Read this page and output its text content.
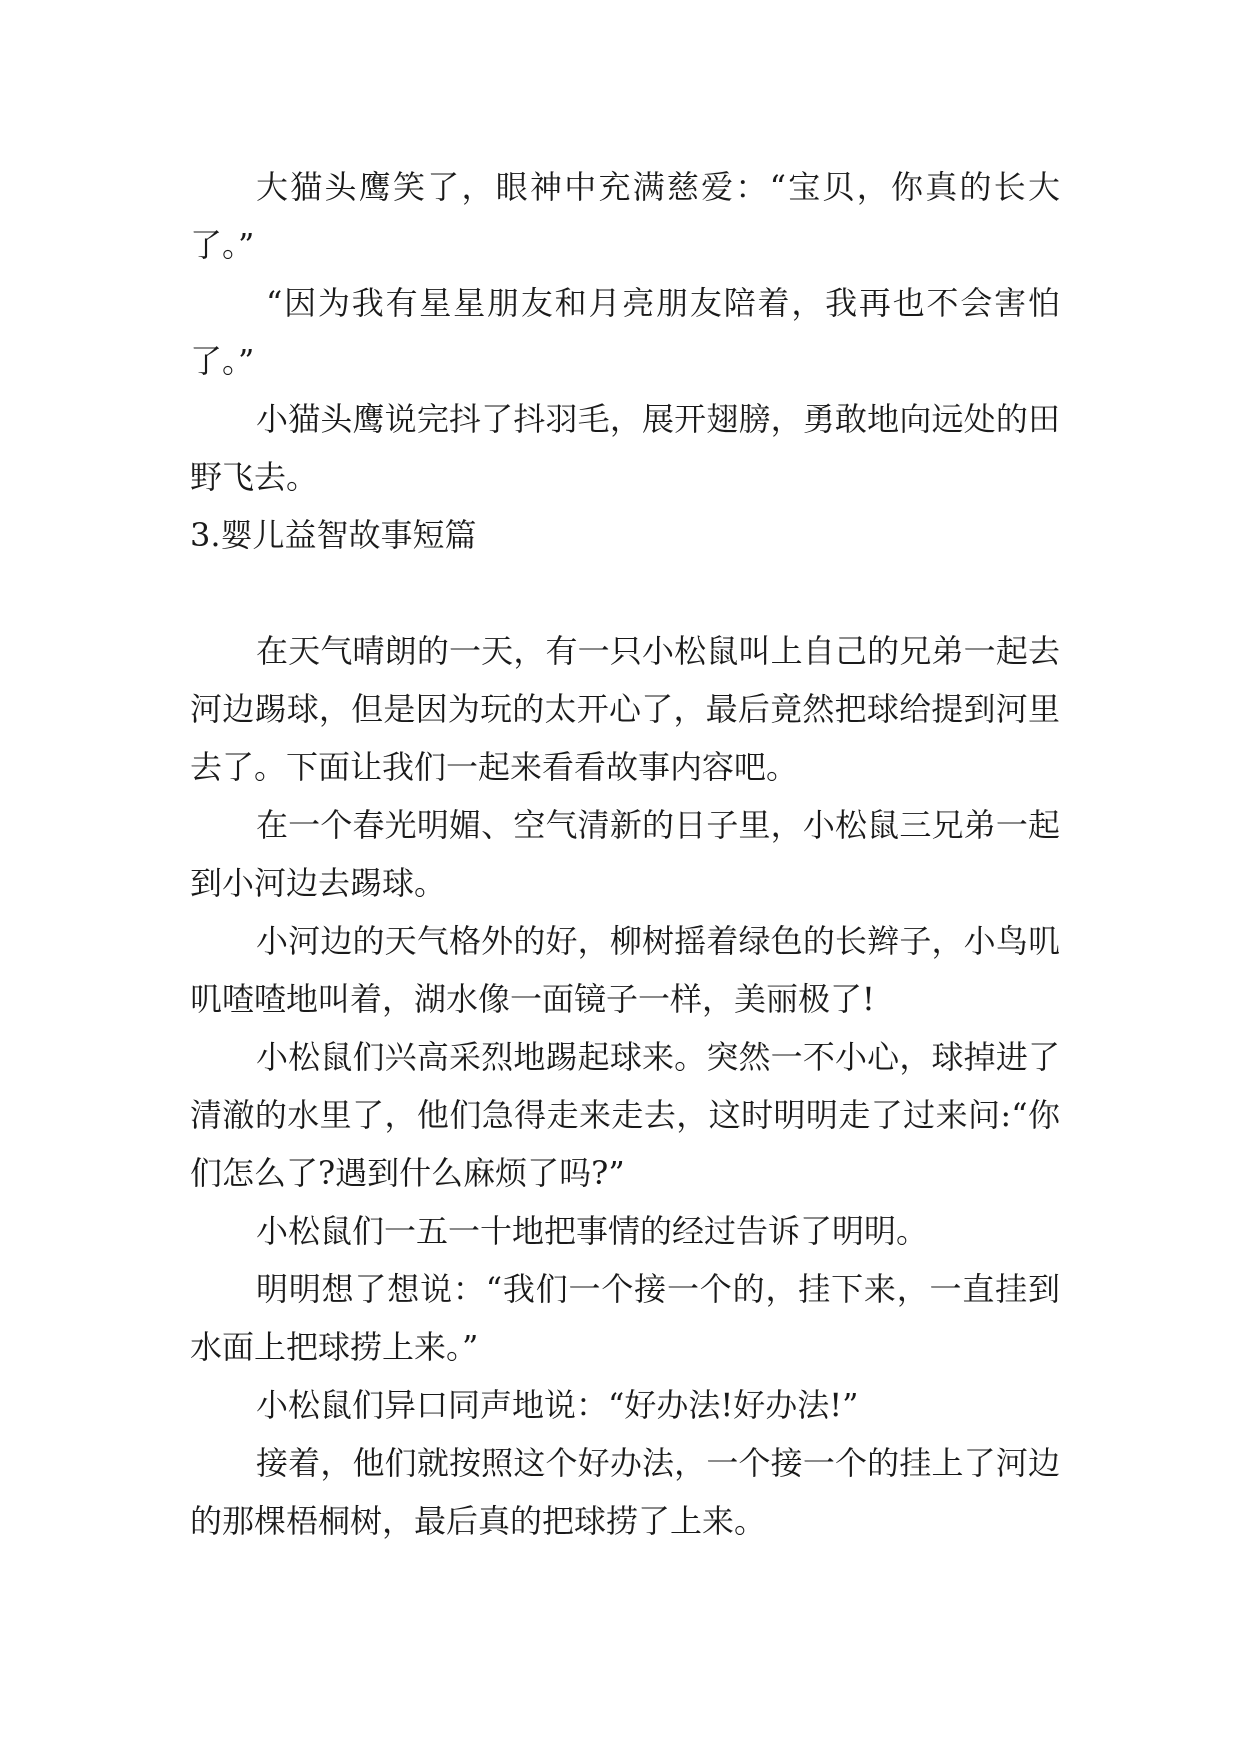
大猫头鹰笑了，眼神中充满慈爱：“宝贝，你真的长大了。”

“因为我有星星朋友和月亮朋友陪着，我再也不会害怕了。”

小猫头鹰说完抖了抖羽毛，展开翅膀，勇敢地向远处的田野飞去。

3.婴儿益智故事短篇

在天气晴朗的一天，有一只小松鼠叫上自己的兄弟一起去河边踢球，但是因为玩的太开心了，最后竟然把球给提到河里去了。下面让我们一起来看看故事内容吧。

在一个春光明媚、空气清新的日子里，小松鼠三兄弟一起到小河边去踢球。

小河边的天气格外的好，柳树摇着绿色的长辫子，小鸟叽叽喳喳地叫着，湖水像一面镜子一样，美丽极了!

小松鼠们兴高采烈地踢起球来。突然一不小心，球掉进了清澈的水里了，他们急得走来走去，这时明明走了过来问:“你们怎么了?遇到什么麻烦了吗?”

小松鼠们一五一十地把事情的经过告诉了明明。

明明想了想说：“我们一个接一个的，挂下来，一直挂到水面上把球捞上来。”

小松鼠们异口同声地说：“好办法!好办法!”

接着，他们就按照这个好办法，一个接一个的挂上了河边的那棵梧桐树，最后真的把球捞了上来。
